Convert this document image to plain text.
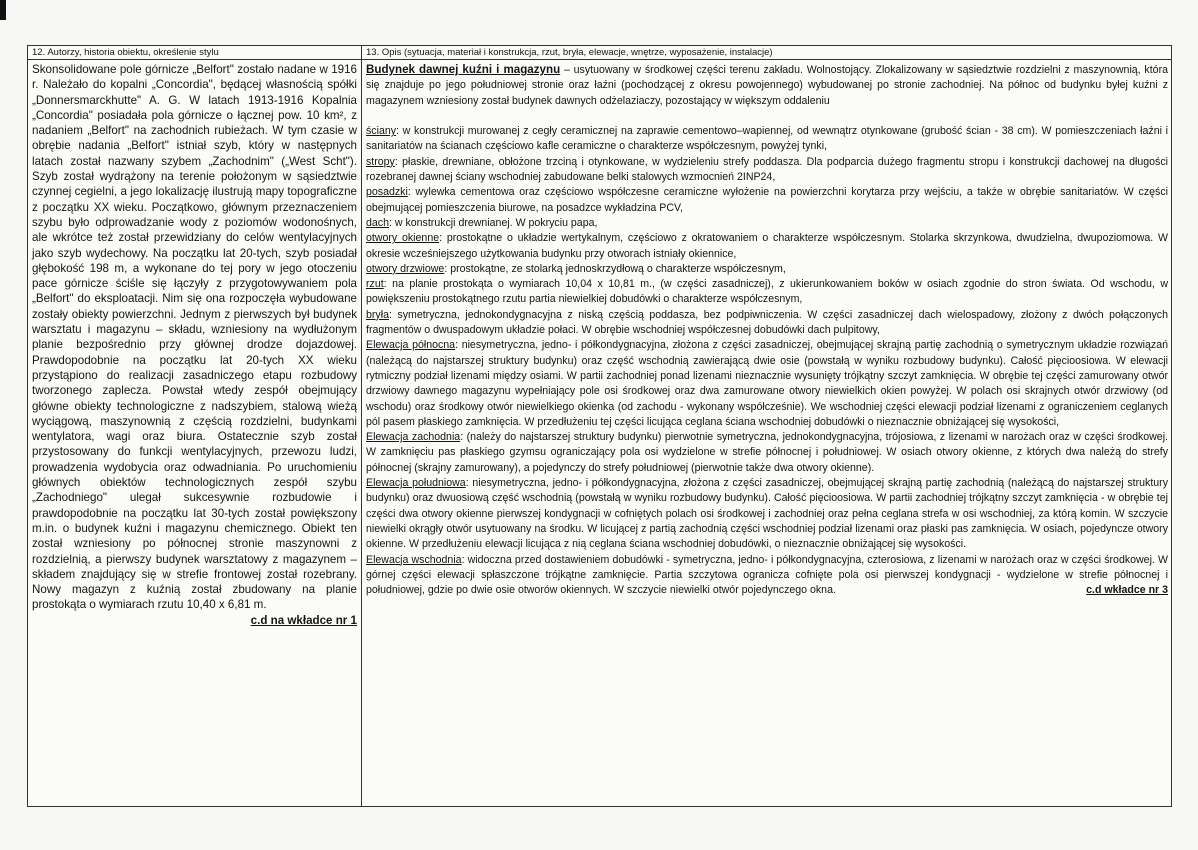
12. Autorzy, historia obiektu, określenie stylu	13. Opis (sytuacja, materiał i konstrukcja, rzut, bryła, elewacje, wnętrze, wyposażenie, instalacje)

Skonsolidowane pole górnicze „Belfort" zostało nadane w 1916 r. Należało do kopalni „Concordia", będącej własnością spółki „Donnersmarckhutte" A. G. W latach 1913-1916 Kopalnia „Concordia" posiadała pola górnicze o łącznej pow. 10 km², z nadaniem „Belfort" na zachodnich rubieżach. W tym czasie w obrębie nadania „Belfort" istniał szyb, który w następnych latach został nazwany szybem „Zachodnim" („West Scht"). Szyb został wydrążony na terenie położonym w sąsiedztwie czynnej cegielni, a jego lokalizację ilustrują mapy topograficzne z początku XX wieku. Początkowo, głównym przeznaczeniem szybu było odprowadzanie wody z poziomów wodonośnych, ale wkrótce też został przewidziany do celów wentylacyjnych jako szyb wydechowy. Na początku lat 20-tych, szyb posiadał głębokość 198 m, a wykonane do tej pory w jego otoczeniu pace górnicze ściśle się łączyły z przygotowywaniem pola „Belfort" do eksploatacji. Nim się ona rozpoczęła wybudowane zostały obiekty powierzchni. Jednym z pierwszych był budynek warsztatu i magazynu – składu, wzniesiony na wydłużonym planie bezpośrednio przy głównej drodze dojazdowej. Prawdopodobnie na początku lat 20-tych XX wieku przystąpiono do realizacji zasadniczego etapu rozbudowy tworzonego zaplecza. Powstał wtedy zespół obejmujący główne obiekty technologiczne z nadszybiem, stalową wieżą wyciągową, maszynownią z częścią rozdzielni, budynkami wentylatora, wagi oraz biura. Ostatecznie szyb został przystosowany do funkcji wentylacyjnych, przewozu ludzi, prowadzenia wydobycia oraz odwadniania. Po uruchomieniu głównych obiektów technologicznych zespół szybu „Zachodniego" ulegał sukcesywnie rozbudowie i prawdopodobnie na początku lat 30-tych został powiększony m.in. o budynek kuźni i magazynu chemicznego. Obiekt ten został wzniesiony po północnej stronie maszynowni z rozdzielnią, a pierwszy budynek warsztatowy z magazynem – składem znajdujący się w strefie frontowej został rozebrany. Nowy magazyn z kuźnią został zbudowany na planie prostokąta o wymiarach rzutu 10,40 x 6,81 m.

c.d na wkładce nr 1

Budynek dawnej kuźni i magazynu – usytuowany w środkowej części terenu zakładu. Wolnostojący. Zlokalizowany w sąsiedztwie rozdzielni z maszynownią, która się znajduje po jego południowej stronie oraz łaźni (pochodzącej z okresu powojennego) wybudowanej po stronie zachodniej. Na północ od budynku byłej kuźni z magazynem wzniesiony został budynek dawnych odżelaziaczy, pozostający w większym oddaleniu

ściany: w konstrukcji murowanej z cegły ceramicznej na zaprawie cementowo–wapiennej, od wewnątrz otynkowane (grubość ścian - 38 cm). W pomieszczeniach łaźni i sanitariatów na ścianach częściowo kafle ceramiczne o charakterze współczesnym, powyżej tynki,

stropy: płaskie, drewniane, obłożone trzciną i otynkowane, w wydzieleniu strefy poddasza. Dla podparcia dużego fragmentu stropu i konstrukcji dachowej na długości rozebranej dawnej ściany wschodniej zabudowane belki stalowych wzmocnień 2INP24,

posadzki: wylewka cementowa oraz częściowo współczesne ceramiczne wyłożenie na powierzchni korytarza przy wejściu, a także w obrębie sanitariatów. W części obejmującej pomieszczenia biurowe, na posadzce wykładzina PCV,

dach: w konstrukcji drewnianej. W pokryciu papa,

otwory okienne: prostokątne o układzie wertykalnym, częściowo z okratowaniem o charakterze współczesnym. Stolarka skrzynkowa, dwudzielna, dwupoziomowa. W okresie wcześniejszego użytkowania budynku przy otworach istniały okiennice,

otwory drzwiowe: prostokątne, ze stolarką jednoskrzydłową o charakterze współczesnym,

rzut: na planie prostokąta o wymiarach 10,04 x 10,81 m., (w części zasadniczej), z ukierunkowaniem boków w osiach zgodnie do stron świata. Od wschodu, w powiększeniu prostokątnego rzutu partia niewielkiej dobudówki o charakterze współczesnym,

bryła: symetryczna, jednokondygnacyjna z niską częścią poddasza, bez podpiwniczenia. W części zasadniczej dach wielospadowy, złożony z dwóch połączonych fragmentów o dwuspadowym układzie połaci. W obrębie wschodniej współczesnej dobudówki dach pulpitowy,

Elewacja północna: niesymetryczna, jedno- i półkondygnacyjna, złożona z części zasadniczej, obejmującej skrajną partię zachodnią o symetrycznym układzie rozwiązań (należącą do najstarszej struktury budynku) oraz część wschodnią zawierającą dwie osie (powstałą w wyniku rozbudowy budynku). Całość pięcioosiowa. W elewacji rytmiczny podział lizenami między osiami. W partii zachodniej ponad lizenami nieznacznie wysunięty trójkątny szczyt zamknięcia. W obrębie tej części zamurowany otwór drzwiowy dawnego magazynu wypełniający pole osi środkowej oraz dwa zamurowane otwory niewielkich okien powyżej. W polach osi skrajnych otwór drzwiowy (od wschodu) oraz środkowy otwór niewielkiego okienka (od zachodu - wykonany współcześnie). We wschodniej części elewacji podział lizenami z ograniczeniem ceglanych pól pasem płaskiego zamknięcia. W przedłużeniu tej części licująca ceglana ściana wschodniej dobudówki o nieznacznie obniżającej się wysokości,

Elewacja zachodnia: (należy do najstarszej struktury budynku) pierwotnie symetryczna, jednokondygnacyjna, trójosiowa, z lizenami w narożach oraz w części środkowej. W zamknięciu pas płaskiego gzymsu ograniczający pola osi wydzielone w strefie północnej i południowej. W osiach otwory okienne, z których dwa należą do strefy północnej (skrajny zamurowany), a pojedynczy do strefy południowej (pierwotnie także dwa otwory okienne).

Elewacja południowa: niesymetryczna, jedno- i półkondygnacyjna, złożona z części zasadniczej, obejmującej skrajną partię zachodnią (należącą do najstarszej struktury budynku) oraz dwuosiową część wschodnią (powstałą w wyniku rozbudowy budynku). Całość pięcioosiowa. W partii zachodniej trójkątny szczyt zamknięcia - w obrębie tej części dwa otwory okienne pierwszej kondygnacji w cofniętych polach osi środkowej i zachodniej oraz pełna ceglana strefa w osi wschodniej, za którą komin. W szczycie niewielki okrągły otwór usytuowany na środku. W licującej z partią zachodnią części wschodniej podział lizenami oraz płaski pas zamknięcia. W osiach, pojedyncze otwory okienne. W przedłużeniu elewacji licująca z nią ceglana ściana wschodniej dobudówki, o nieznacznie obniżającej się wysokości.

Elewacja wschodnia: widoczna przed dostawieniem dobudówki - symetryczna, jedno- i półkondygnacyjna, czterosiowa, z lizenami w narożach oraz w części środkowej. W górnej części elewacji spłaszczone trójkątne zamknięcie. Partia szczytowa ogranicza cofnięte pola osi pierwszej kondygnacji - wydzielone w strefie północnej i południowej, gdzie po dwie osie otworów okiennych. W szczycie niewielki otwór pojedynczego okna.	c.d wkładce nr 3
